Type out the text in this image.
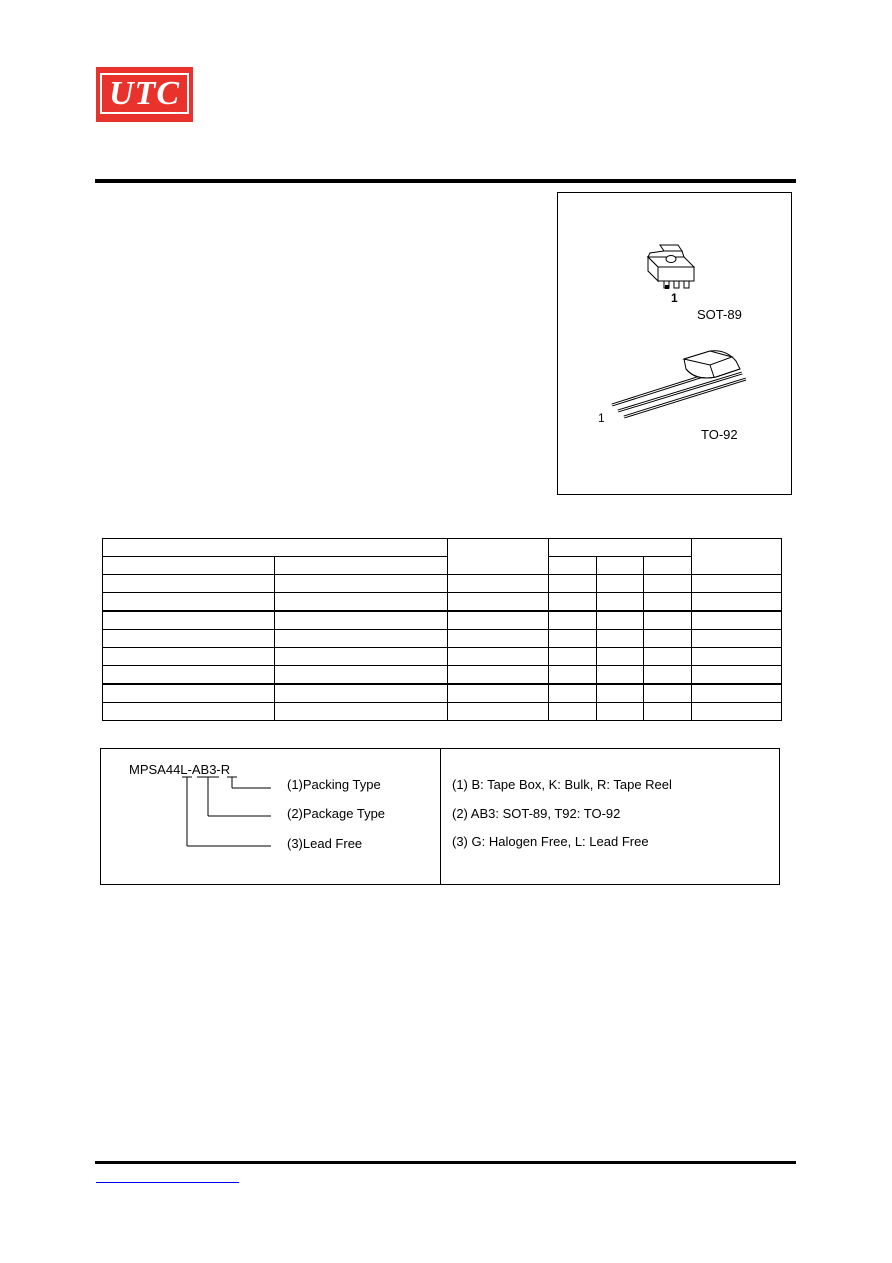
UTC
1
SOT-89
1
TO-92

MPSA44L-AB3-R
(1)Packing Type
(2)Package Type
(3)Lead Free
(1) B: Tape Box, K: Bulk, R: Tape Reel
(2) AB3: SOT-89, T92: TO-92
(3) G: Halogen Free, L: Lead Free
